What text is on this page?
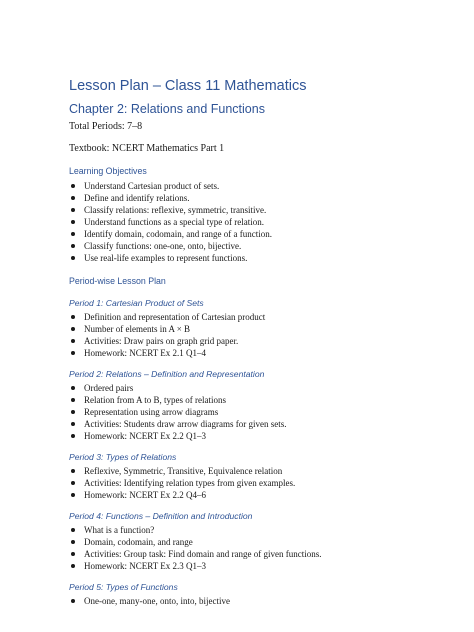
Lesson Plan – Class 11 Mathematics
Chapter 2: Relations and Functions
Total Periods: 7–8
Textbook: NCERT Mathematics Part 1
Learning Objectives
Understand Cartesian product of sets.
Define and identify relations.
Classify relations: reflexive, symmetric, transitive.
Understand functions as a special type of relation.
Identify domain, codomain, and range of a function.
Classify functions: one-one, onto, bijective.
Use real-life examples to represent functions.
Period-wise Lesson Plan
Period 1: Cartesian Product of Sets
Definition and representation of Cartesian product
Number of elements in A × B
Activities: Draw pairs on graph grid paper.
Homework: NCERT Ex 2.1 Q1–4
Period 2: Relations – Definition and Representation
Ordered pairs
Relation from A to B, types of relations
Representation using arrow diagrams
Activities: Students draw arrow diagrams for given sets.
Homework: NCERT Ex 2.2 Q1–3
Period 3: Types of Relations
Reflexive, Symmetric, Transitive, Equivalence relation
Activities: Identifying relation types from given examples.
Homework: NCERT Ex 2.2 Q4–6
Period 4: Functions – Definition and Introduction
What is a function?
Domain, codomain, and range
Activities: Group task: Find domain and range of given functions.
Homework: NCERT Ex 2.3 Q1–3
Period 5: Types of Functions
One-one, many-one, onto, into, bijective
